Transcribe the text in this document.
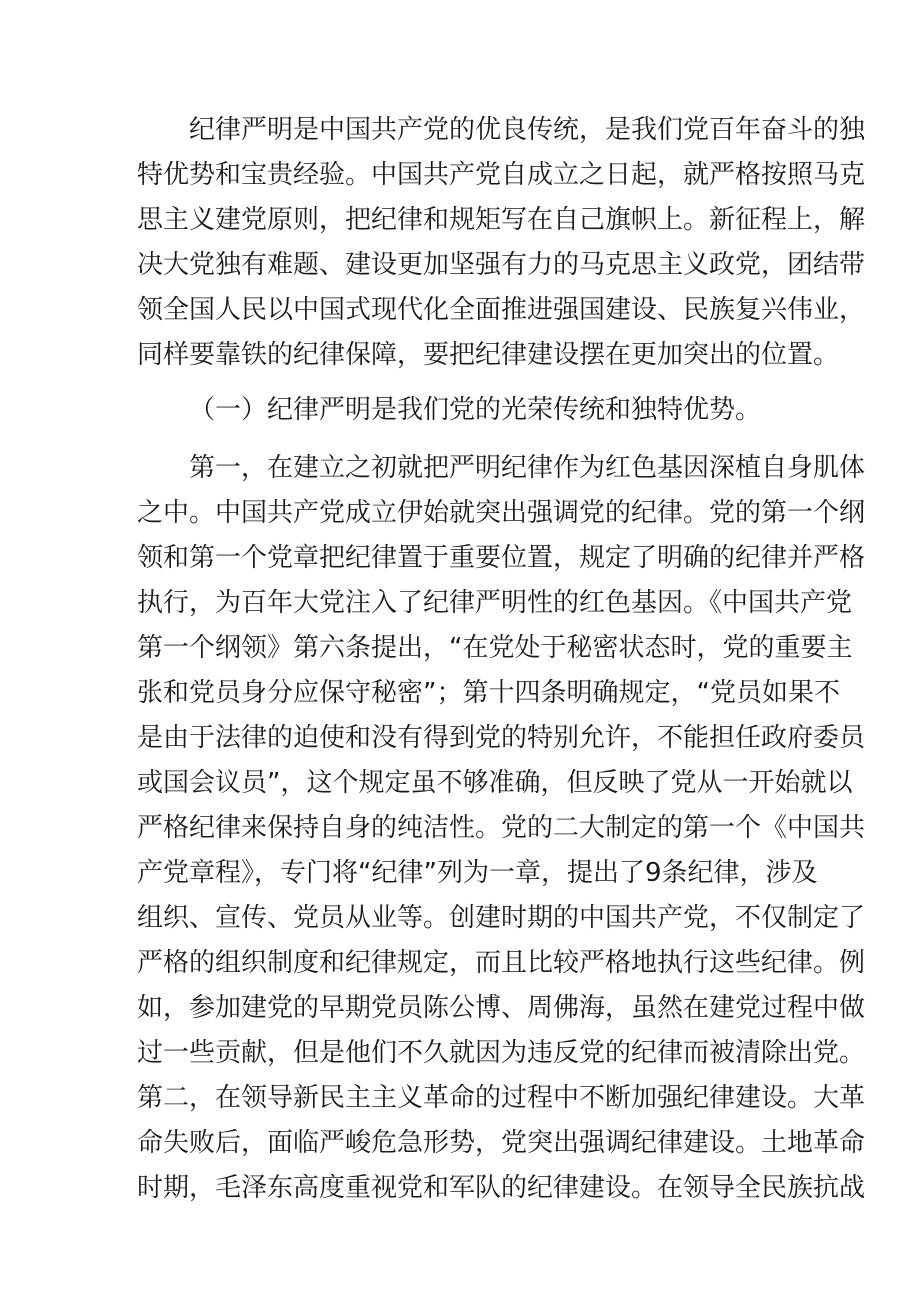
纪律严明是中国共产党的优良传统，是我们党百年奋斗的独
特优势和宝贵经验。中国共产党自成立之日起，就严格按照马克
思主义建党原则，把纪律和规矩写在自己旗帜上。新征程上，解
决大党独有难题、建设更加坚强有力的马克思主义政党，团结带
领全国人民以中国式现代化全面推进强国建设、民族复兴伟业，
同样要靠铁的纪律保障，要把纪律建设摆在更加突出的位置。
（一）纪律严明是我们党的光荣传统和独特优势。
第一，在建立之初就把严明纪律作为红色基因深植自身肌体
之中。中国共产党成立伊始就突出强调党的纪律。党的第一个纲
领和第一个党章把纪律置于重要位置，规定了明确的纪律并严格
执行，为百年大党注入了纪律严明性的红色基因。《中国共产党
第一个纲领》第六条提出，“在党处于秘密状态时，党的重要主
张和党员身分应保守秘密”；第十四条明确规定，“党员如果不
是由于法律的迫使和没有得到党的特别允许，不能担任政府委员
或国会议员”，这个规定虽不够准确，但反映了党从一开始就以
严格纪律来保持自身的纯洁性。党的二大制定的第一个《中国共
产党章程》，专门将“纪律”列为一章，提出了9条纪律，涉及
组织、宣传、党员从业等。创建时期的中国共产党，不仅制定了
严格的组织制度和纪律规定，而且比较严格地执行这些纪律。例
如，参加建党的早期党员陈公博、周佛海，虽然在建党过程中做
过一些贡献，但是他们不久就因为违反党的纪律而被清除出党。
第二，在领导新民主主义革命的过程中不断加强纪律建设。大革
命失败后，面临严峻危急形势，党突出强调纪律建设。土地革命
时期，毛泽东高度重视党和军队的纪律建设。在领导全民族抗战
